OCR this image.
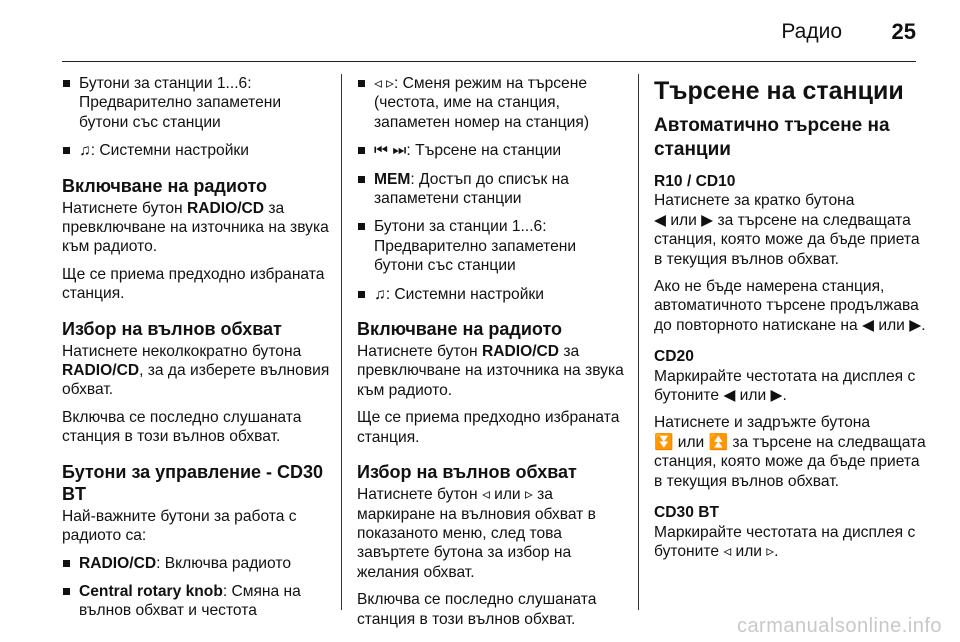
Радио 25
Бутони за станции 1...6: Предварително запаметени бутони със станции
♫: Системни настройки
Включване на радиото
Натиснете бутон RADIO/CD за превключване на източника на звука към радиото.
Ще се приема предходно избраната станция.
Избор на вълнов обхват
Натиснете неколкократно бутона RADIO/CD, за да изберете вълновия обхват.
Включва се последно слушаната станция в този вълнов обхват.
Бутони за управление - CD30 BT
Най-важните бутони за работа с радиото са:
RADIO/CD: Включва радиото
Central rotary knob: Смяна на вълнов обхват и честота
◃ ▹: Сменя режим на търсене (честота, име на станция, запаметен номер на станция)
⏮ ⏭: Търсене на станции
MEM: Достъп до списък на запаметени станции
Бутони за станции 1...6: Предварително запаметени бутони със станции
♫: Системни настройки
Включване на радиото
Натиснете бутон RADIO/CD за превключване на източника на звука към радиото.
Ще се приема предходно избраната станция.
Избор на вълнов обхват
Натиснете бутон ◃ или ▹ за маркиране на вълновия обхват в показаното меню, след това завъртете бутона за избор на желания обхват.
Включва се последно слушаната станция в този вълнов обхват.
Търсене на станции
Автоматично търсене на станции
R10 / CD10
Натиснете за кратко бутона
◀ или ▶ за търсене на следващата станция, която може да бъде приета в текущия вълнов обхват.
Ако не бъде намерена станция, автоматичното търсене продължава до повторното натискане на ◀ или ▶.
CD20
Маркирайте честотата на дисплея с бутоните ◀ или ▶.
Натиснете и задръжте бутона
⏬ или ⏫ за търсене на следващата станция, която може да бъде приета в текущия вълнов обхват.
CD30 BT
Маркирайте честотата на дисплея с бутоните ◃ или ▹.
carmanualsonline.info
